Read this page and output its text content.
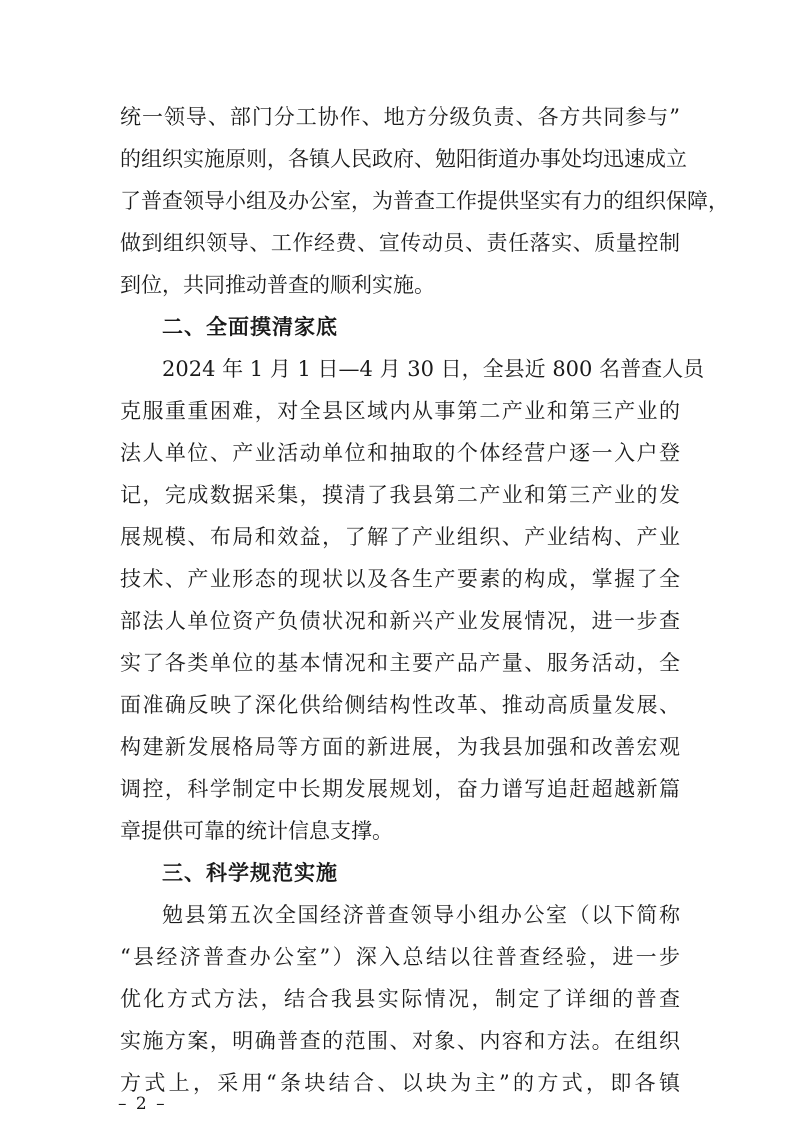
统一领导、部门分工协作、地方分级负责、各方共同参与”
的组织实施原则，各镇人民政府、勉阳街道办事处均迅速成立
了普查领导小组及办公室，为普查工作提供坚实有力的组织保障，
做到组织领导、工作经费、宣传动员、责任落实、质量控制
到位，共同推动普查的顺利实施。
二、全面摸清家底
2024 年 1 月 1 日—4 月 30 日，全县近 800 名普查人员
克服重重困难，对全县区域内从事第二产业和第三产业的
法人单位、产业活动单位和抽取的个体经营户逐一入户登
记，完成数据采集，摸清了我县第二产业和第三产业的发
展规模、布局和效益，了解了产业组织、产业结构、产业
技术、产业形态的现状以及各生产要素的构成，掌握了全
部法人单位资产负债状况和新兴产业发展情况，进一步查
实了各类单位的基本情况和主要产品产量、服务活动，全
面准确反映了深化供给侧结构性改革、推动高质量发展、
构建新发展格局等方面的新进展，为我县加强和改善宏观
调控，科学制定中长期发展规划，奋力谱写追赶超越新篇
章提供可靠的统计信息支撑。
三、科学规范实施
勉县第五次全国经济普查领导小组办公室（以下简称
“县经济普查办公室”）深入总结以往普查经验，进一步
优化方式方法，结合我县实际情况，制定了详细的普查
实施方案，明确普查的范围、对象、内容和方法。在组织
方式上，采用“条块结合、以块为主”的方式，即各镇
– 2 –
